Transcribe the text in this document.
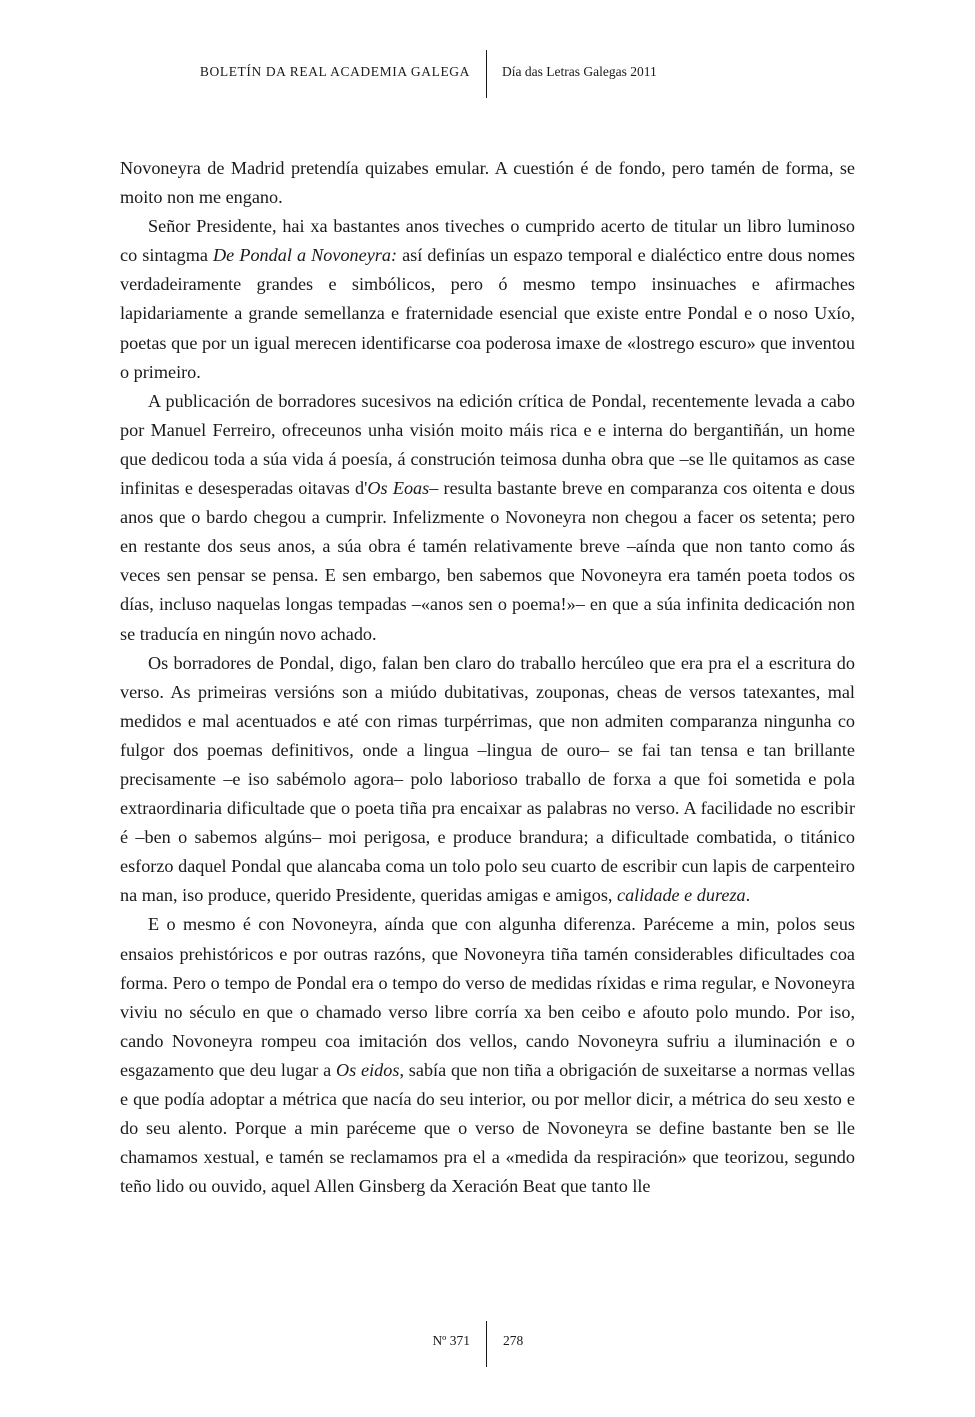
BOLETÍN DA REAL ACADEMIA GALEGA Día das Letras Galegas 2011

Novoneyra de Madrid pretendía quizabes emular. A cuestión é de fondo, pero tamén de forma, se moito non me engano.

Señor Presidente, hai xa bastantes anos tiveches o cumprido acerto de titular un libro luminoso co sintagma De Pondal a Novoneyra: así definías un espazo temporal e dialéctico entre dous nomes verdadeiramente grandes e simbólicos, pero ó mesmo tempo insinuaches e afirmaches lapidariamente a grande semellanza e fraternidade esencial que existe entre Pondal e o noso Uxío, poetas que por un igual merecen identificarse coa poderosa imaxe de «lostrego escuro» que inventou o primeiro.

A publicación de borradores sucesivos na edición crítica de Pondal, recentemente levada a cabo por Manuel Ferreiro, ofreceunos unha visión moito máis rica e e interna do bergantiñán, un home que dedicou toda a súa vida á poesía, á construción teimosa dunha obra que –se lle quitamos as case infinitas e desesperadas oitavas d'Os Eoas– resulta bastante breve en comparanza cos oitenta e dous anos que o bardo chegou a cumprir. Infelizmente o Novoneyra non chegou a facer os setenta; pero en restante dos seus anos, a súa obra é tamén relativamente breve –aínda que non tanto como ás veces sen pensar se pensa. E sen embargo, ben sabemos que Novoneyra era tamén poeta todos os días, incluso naquelas longas tempadas –«anos sen o poema!»– en que a súa infinita dedicación non se traducía en ningún novo achado.

Os borradores de Pondal, digo, falan ben claro do traballo hercúleo que era pra el a escritura do verso. As primeiras versións son a miúdo dubitativas, zouponas, cheas de versos tatexantes, mal medidos e mal acentuados e até con rimas turpérrimas, que non admiten comparanza ningunha co fulgor dos poemas definitivos, onde a lingua –lingua de ouro– se fai tan tensa e tan brillante precisamente –e iso sabémolo agora– polo laborioso traballo de forxa a que foi sometida e pola extraordinaria dificultade que o poeta tiña pra encaixar as palabras no verso. A facilidade no escribir é –ben o sabemos algúns– moi perigosa, e produce brandura; a dificultade combatida, o titánico esforzo daquel Pondal que alancaba coma un tolo polo seu cuarto de escribir cun lapis de carpenteiro na man, iso produce, querido Presidente, queridas amigas e amigos, calidade e dureza.

E o mesmo é con Novoneyra, aínda que con algunha diferenza. Paréceme a min, polos seus ensaios prehistóricos e por outras razóns, que Novoneyra tiña tamén considerables dificultades coa forma. Pero o tempo de Pondal era o tempo do verso de medidas ríxidas e rima regular, e Novoneyra viviu no século en que o chamado verso libre corría xa ben ceibo e afouto polo mundo. Por iso, cando Novoneyra rompeu coa imitación dos vellos, cando Novoneyra sufriu a iluminación e o esgazamento que deu lugar a Os eidos, sabía que non tiña a obrigación de suxeitarse a normas vellas e que podía adoptar a métrica que nacía do seu interior, ou por mellor dicir, a métrica do seu xesto e do seu alento. Porque a min paréceme que o verso de Novoneyra se define bastante ben se lle chamamos xestual, e tamén se reclamamos pra el a «medida da respiración» que teorizou, segundo teño lido ou ouvido, aquel Allen Ginsberg da Xeración Beat que tanto lle

Nº 371 278
